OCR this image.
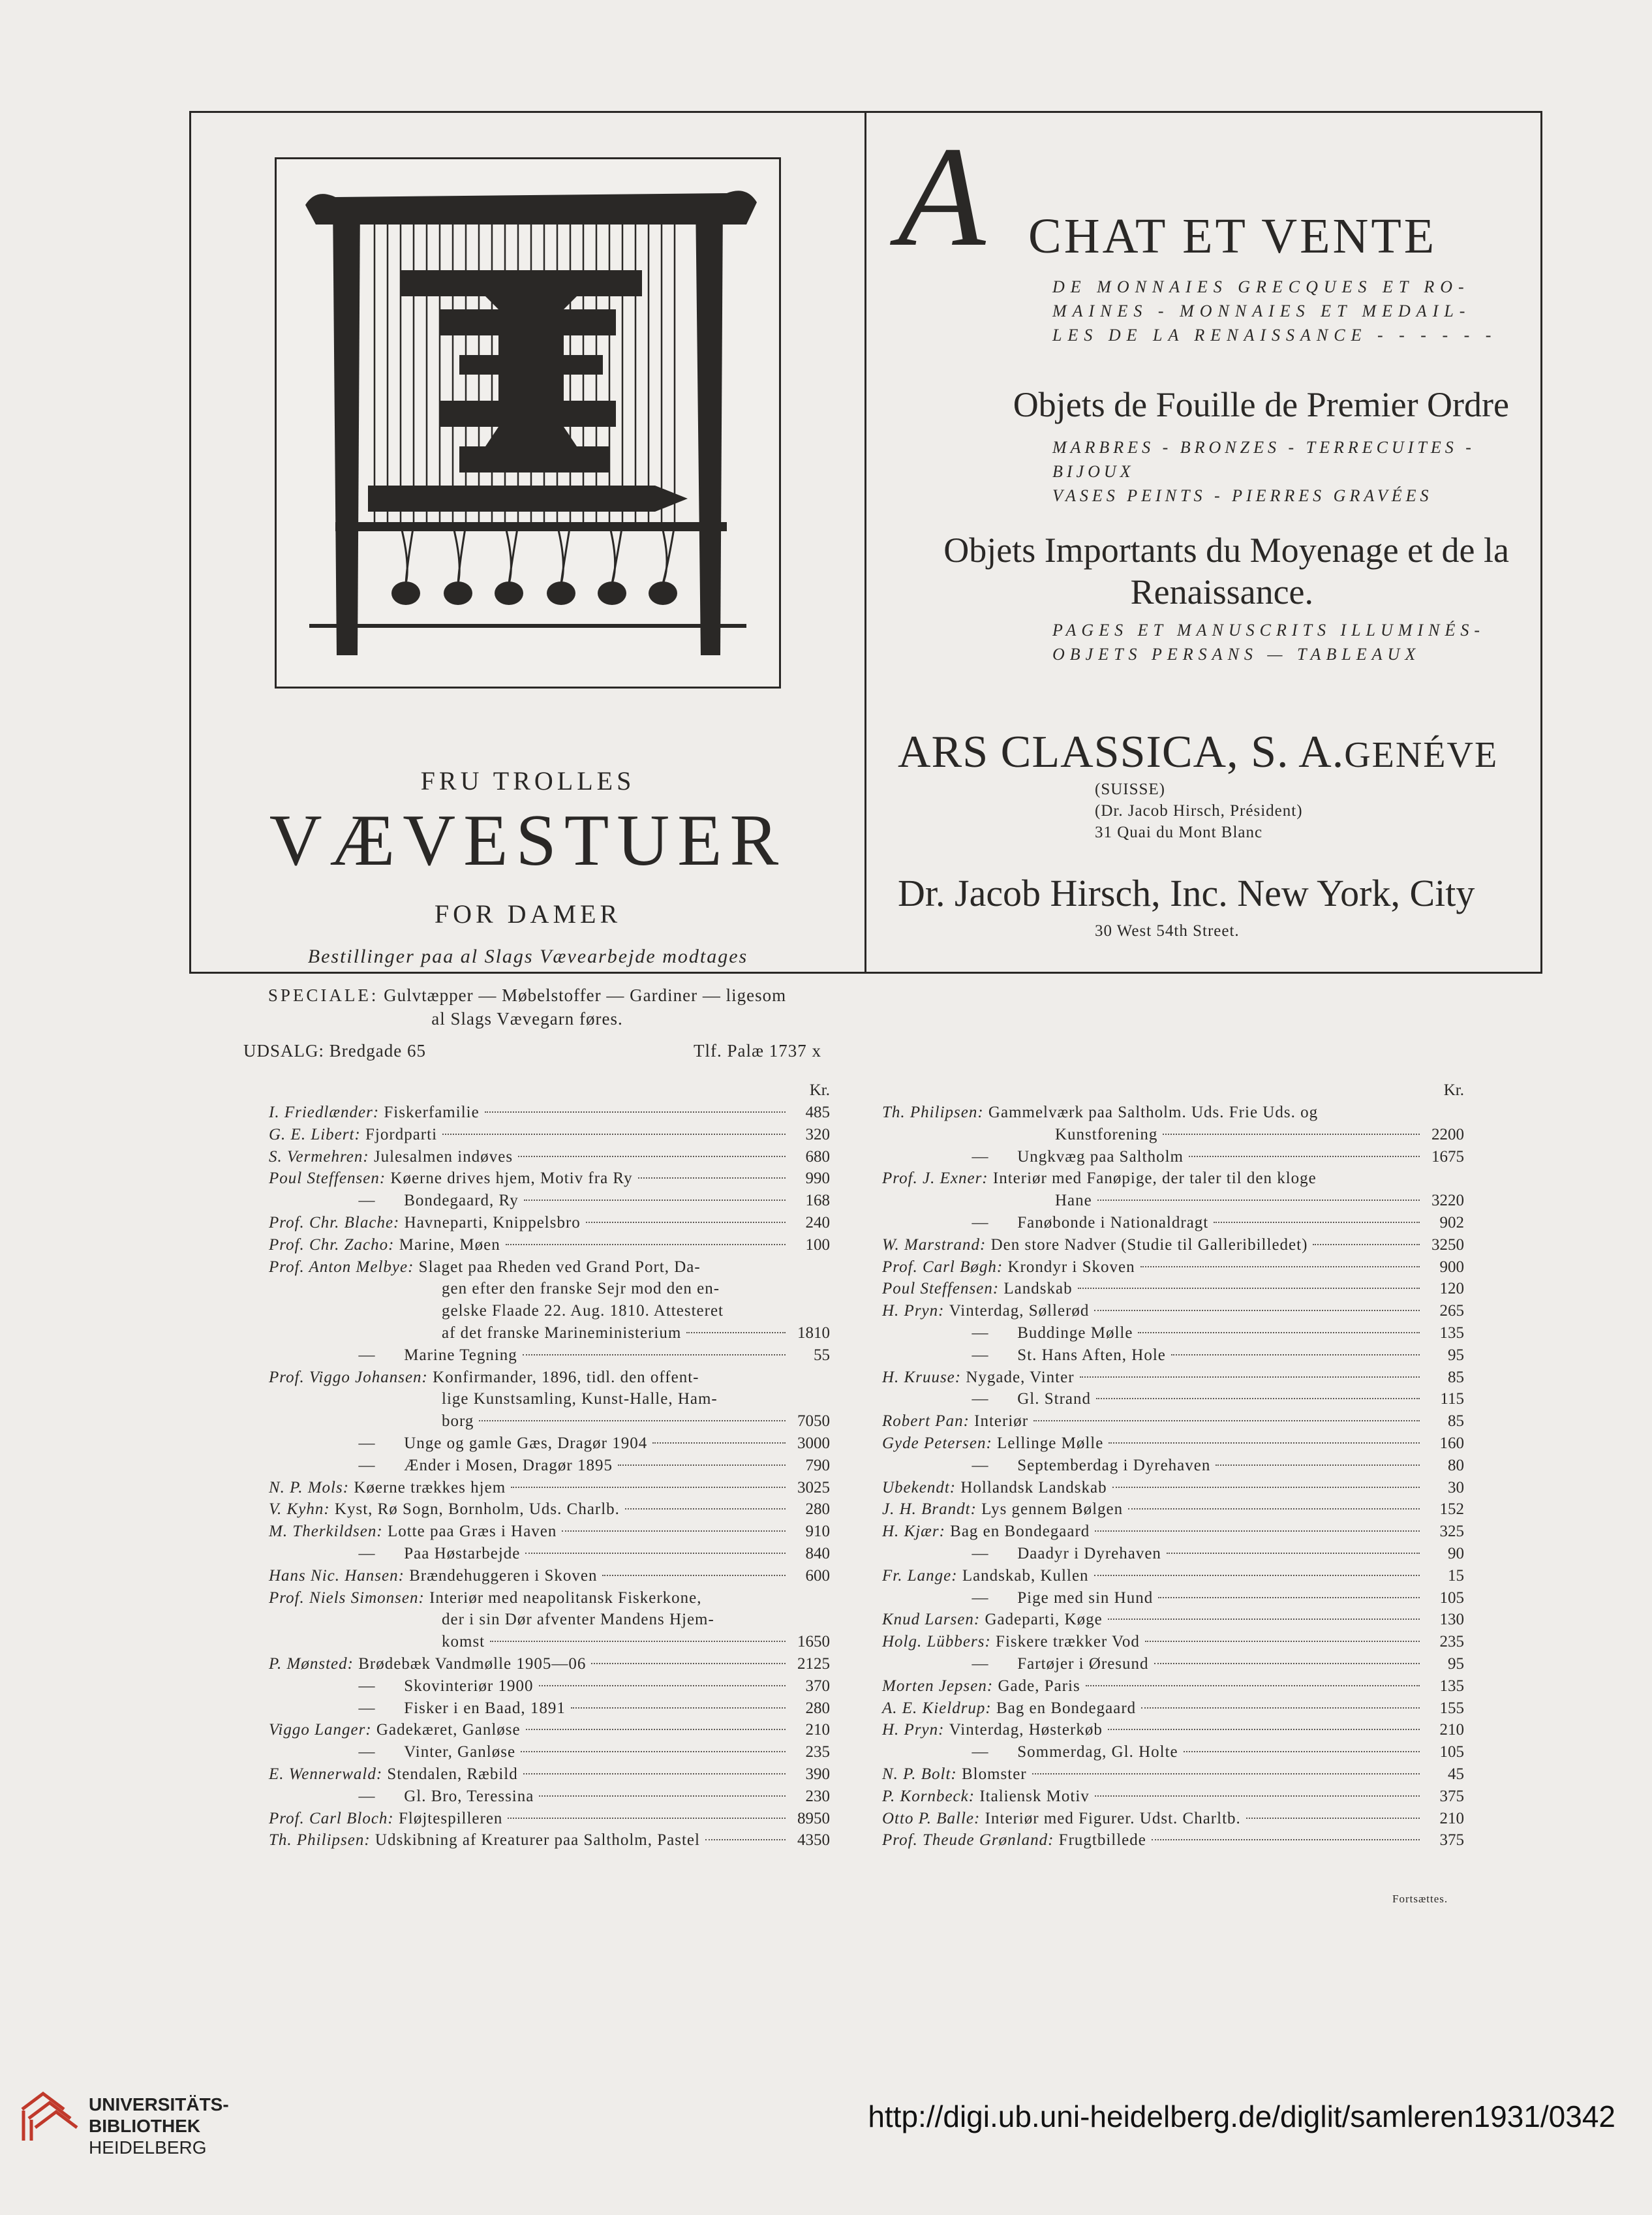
FRU TROLLES
VÆVESTUER
FOR DAMER
Bestillinger paa al Slags Vævearbejde modtages
SPECIALE: Gulvtæpper — Møbelstoffer — Gardiner — ligesom
al Slags Vævegarn føres.
UDSALG: Bredgade 65	Tlf. Palæ 1737 x
A CHAT ET VENTE
DE MONNAIES GRECQUES ET RO-
MAINES - MONNAIES ET MEDAIL-
LES DE LA RENAISSANCE - - - - - -
Objets de Fouille de Premier Ordre
MARBRES - BRONZES - TERRECUITES - BIJOUX
VASES PEINTS - PIERRES GRAVÉES
Objets Importants du Moyenage et de la
Renaissance.
PAGES ET MANUSCRITS ILLUMINÉS-
OBJETS PERSANS — TABLEAUX
ARS CLASSICA, S. A.GENÉVE
(SUISSE)
(Dr. Jacob Hirsch, Président)
31 Quai du Mont Blanc
Dr. Jacob Hirsch, Inc. New York, City
30 West 54th Street.
Kr.
I. Friedlænder: Fiskerfamilie	485
G. E. Libert: Fjordparti	320
S. Vermehren: Julesalmen indøves	680
Poul Steffensen: Køerne drives hjem, Motiv fra Ry	990
—	Bondegaard, Ry	168
Prof. Chr. Blache: Havneparti, Knippelsbro	240
Prof. Chr. Zacho: Marine, Møen	100
Prof. Anton Melbye: Slaget paa Rheden ved Grand Port, Da-
gen efter den franske Sejr mod den en-
gelske Flaade 22. Aug. 1810. Attesteret
af det franske Marineministerium	1810
—	Marine Tegning	55
Prof. Viggo Johansen: Konfirmander, 1896, tidl. den offent-
lige Kunstsamling, Kunst-Halle, Ham-
borg	7050
—	Unge og gamle Gæs, Dragør 1904	3000
—	Ænder i Mosen, Dragør 1895	790
N. P. Mols: Køerne trækkes hjem	3025
V. Kyhn: Kyst, Rø Sogn, Bornholm, Uds. Charlb.	280
M. Therkildsen: Lotte paa Græs i Haven	910
—	Paa Høstarbejde	840
Hans Nic. Hansen: Brændehuggeren i Skoven	600
Prof. Niels Simonsen: Interiør med neapolitansk Fiskerkone,
der i sin Dør afventer Mandens Hjem-
komst	1650
P. Mønsted: Brødebæk Vandmølle 1905—06	2125
—	Skovinteriør 1900	370
—	Fisker i en Baad, 1891	280
Viggo Langer: Gadekæret, Ganløse	210
—	Vinter, Ganløse	235
E. Wennerwald: Stendalen, Ræbild	390
—	Gl. Bro, Teressina	230
Prof. Carl Bloch: Fløjtespilleren	8950
Th. Philipsen: Udskibning af Kreaturer paa Saltholm, Pastel	4350
Kr.
Th. Philipsen: Gammelværk paa Saltholm. Uds. Frie Uds. og
Kunstforening	2200
—	Ungkvæg paa Saltholm	1675
Prof. J. Exner: Interiør med Fanøpige, der taler til den kloge
Hane	3220
—	Fanøbonde i Nationaldragt	902
W. Marstrand: Den store Nadver (Studie til Galleribilledet)	3250
Prof. Carl Bøgh: Krondyr i Skoven	900
Poul Steffensen: Landskab	120
H. Pryn: Vinterdag, Søllerød	265
—	Buddinge Mølle	135
—	St. Hans Aften, Hole	95
H. Kruuse: Nygade, Vinter	85
—	Gl. Strand	115
Robert Pan: Interiør	85
Gyde Petersen: Lellinge Mølle	160
—	Septemberdag i Dyrehaven	80
Ubekendt: Hollandsk Landskab	30
J. H. Brandt: Lys gennem Bølgen	152
H. Kjær: Bag en Bondegaard	325
—	Daadyr i Dyrehaven	90
Fr. Lange: Landskab, Kullen	15
—	Pige med sin Hund	105
Knud Larsen: Gadeparti, Køge	130
Holg. Lübbers: Fiskere trækker Vod	235
—	Fartøjer i Øresund	95
Morten Jepsen: Gade, Paris	135
A. E. Kieldrup: Bag en Bondegaard	155
H. Pryn: Vinterdag, Høsterkøb	210
—	Sommerdag, Gl. Holte	105
N. P. Bolt: Blomster	45
P. Kornbeck: Italiensk Motiv	375
Otto P. Balle: Interiør med Figurer. Udst. Charltb.	210
Prof. Theude Grønland: Frugtbillede	375
Fortsættes.
UNIVERSITÄTS-
BIBLIOTHEK
HEIDELBERG
http://digi.ub.uni-heidelberg.de/diglit/samleren1931/0342
